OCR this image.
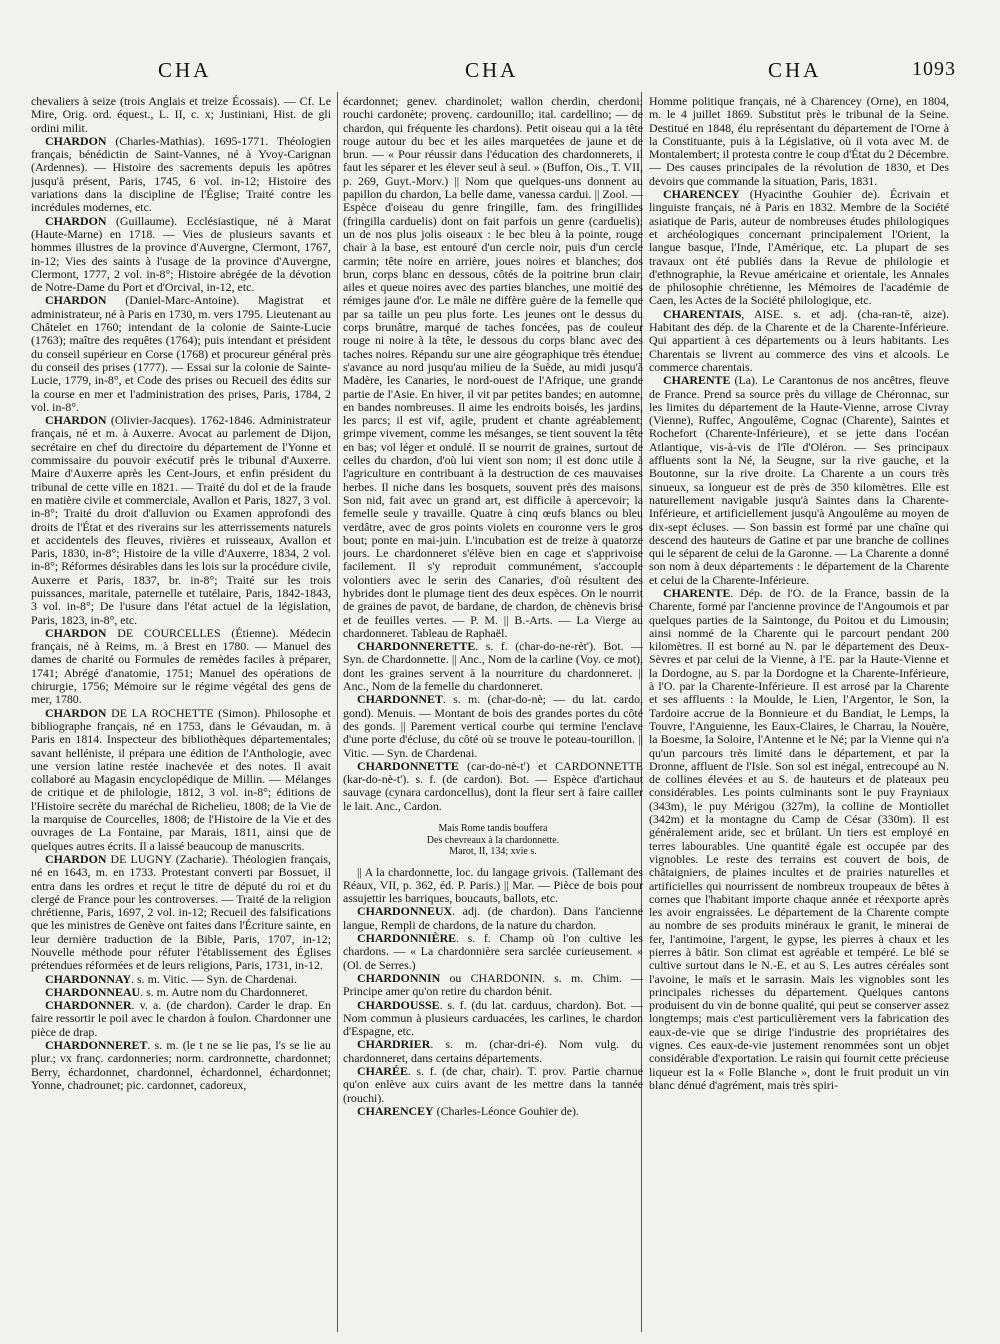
CHA	CHA	CHA	1093

chevaliers à seize (trois Anglais et treize Écossais). — Cf. Le Mire, Orig. ord. équest., L. II, c. x; Justiniani, Hist. de gli ordini milit.

CHARDON (Charles-Mathias). 1695-1771. Théologien français, bénédictin de Saint-Vannes, né à Yvoy-Carignan (Ardennes). — Histoire des sacrements depuis les apôtres jusqu'à présent, Paris, 1745, 6 vol. in-12; Histoire des variations dans la discipline de l'Église; Traité contre les incrédules modernes, etc.

CHARDON (Guillaume). Ecclésiastique, né à Marat (Haute-Marne) en 1718. — Vies de plusieurs savants et hommes illustres de la province d'Auvergne, Clermont, 1767, in-12; Vies des saints à l'usage de la province d'Auvergne, Clermont, 1777, 2 vol. in-8°; Histoire abrégée de la dévotion de Notre-Dame du Port et d'Orcival, in-12, etc.

CHARDON (Daniel-Marc-Antoine). Magistrat et administrateur, né à Paris en 1730, m. vers 1795. Lieutenant au Châtelet en 1760; intendant de la colonie de Sainte-Lucie (1763); maître des requêtes (1764); puis intendant et président du conseil supérieur en Corse (1768) et procureur général près du conseil des prises (1777). — Essai sur la colonie de Sainte-Lucie, 1779, in-8°, et Code des prises ou Recueil des édits sur la course en mer et l'administration des prises, Paris, 1784, 2 vol. in-8°.

CHARDON (Olivier-Jacques). 1762-1846. Administrateur français, né et m. à Auxerre. Avocat au parlement de Dijon, secrétaire en chef du directoire du département de l'Yonne et commissaire du pouvoir exécutif près le tribunal d'Auxerre. Maire d'Auxerre après les Cent-Jours, et enfin président du tribunal de cette ville en 1821. — Traité du dol et de la fraude en matière civile et commerciale, Avallon et Paris, 1827, 3 vol. in-8°; Traité du droit d'alluvion ou Examen approfondi des droits de l'État et des riverains sur les atterrissements naturels et accidentels des fleuves, rivières et ruisseaux, Avallon et Paris, 1830, in-8°; Histoire de la ville d'Auxerre, 1834, 2 vol. in-8°; Réformes désirables dans les lois sur la procédure civile, Auxerre et Paris, 1837, br. in-8°; Traité sur les trois puissances, maritale, paternelle et tutélaire, Paris, 1842-1843, 3 vol. in-8°; De l'usure dans l'état actuel de la législation, Paris, 1823, in-8°, etc.

CHARDON DE COURCELLES (Étienne). Médecin français, né à Reims, m. à Brest en 1780. — Manuel des dames de charité ou Formules de remèdes faciles à préparer, 1741; Abrégé d'anatomie, 1751; Manuel des opérations de chirurgie, 1756; Mémoire sur le régime végétal des gens de mer, 1780.

CHARDON DE LA ROCHETTE (Simon). Philosophe et bibliographe français, né en 1753, dans le Gévaudan, m. à Paris en 1814. Inspecteur des bibliothèques départementales; savant helléniste, il prépara une édition de l'Anthologie, avec une version latine restée inachevée et des notes. Il avait collaboré au Magasin encyclopédique de Millin. — Mélanges de critique et de philologie, 1812, 3 vol. in-8°; éditions de l'Histoire secrète du maréchal de Richelieu, 1808; de la Vie de la marquise de Courcelles, 1808; de l'Histoire de la Vie et des ouvrages de La Fontaine, par Marais, 1811, ainsi que de quelques autres écrits. Il a laissé beaucoup de manuscrits.

CHARDON DE LUGNY (Zacharie). Théologien français, né en 1643, m. en 1733. Protestant converti par Bossuet, il entra dans les ordres et reçut le titre de député du roi et du clergé de France pour les controverses. — Traité de la religion chrétienne, Paris, 1697, 2 vol. in-12; Recueil des falsifications que les ministres de Genève ont faites dans l'Écriture sainte, en leur dernière traduction de la Bible, Paris, 1707, in-12; Nouvelle méthode pour réfuter l'établissement des Églises prétendues réformées et de leurs religions, Paris, 1731, in-12.

CHARDONNAY. s. m. Vitic. — Syn. de Chardenai.

CHARDONNEAU. s. m. Autre nom du Chardonneret.

CHARDONNER. v. a. (de chardon). Carder le drap. En faire ressortir le poil avec le chardon à foulon. Chardonner une pièce de drap.

CHARDONNERET. s. m. (le t ne se lie pas, l's se lie au plur.; vx franç. cardonneries; norm. cardronnette, chardonnet; Berry, échardonnet, chardonnel, échardonnel, échardonnet; Yonne, chadrounet; pic. cardonnet, cadoreux,

écardonnet; genev. chardinolet; wallon cherdin, cherdoni; rouchi cardonète; provenç. cardounillo; ital. cardellino; — de chardon, qui fréquente les chardons). Petit oiseau qui a la tête rouge autour du bec et les ailes marquetées de jaune et de brun. — « Pour réussir dans l'éducation des chardonnerets, il faut les séparer et les élever seul à seul. » (Buffon, Ois., T. VII, p. 269, Guyt.-Morv.) || Nom que quelques-uns donnent au papillon du chardon, La belle dame, vanessa cardui. || Zool. — Espèce d'oiseau du genre fringille, fam. des fringillides (fringilla carduelis) dont on fait parfois un genre (carduelis); un de nos plus jolis oiseaux : le bec bleu à la pointe, rouge chair à la base, est entouré d'un cercle noir, puis d'un cercle carmin; tête noire en arrière, joues noires et blanches; dos brun, corps blanc en dessous, côtés de la poitrine brun clair, ailes et queue noires avec des parties blanches, une moitié des rémiges jaune d'or. Le mâle ne diffère guère de la femelle que par sa taille un peu plus forte. Les jeunes ont le dessus du corps brunâtre, marqué de taches foncées, pas de couleur rouge ni noire à la tête, le dessous du corps blanc avec des taches noires. Répandu sur une aire géographique très étendue; s'avance au nord jusqu'au milieu de la Suède, au midi jusqu'à Madère, les Canaries, le nord-ouest de l'Afrique, une grande partie de l'Asie. En hiver, il vit par petites bandes; en automne, en bandes nombreuses. Il aime les endroits boisés, les jardins, les parcs; il est vif, agile, prudent et chante agréablement; grimpe vivement, comme les mésanges, se tient souvent la tête en bas; vol léger et ondulé. Il se nourrit de graines, surtout de celles du chardon, d'où lui vient son nom; il est donc utile à l'agriculture en contribuant à la destruction de ces mauvaises herbes. Il niche dans les bosquets, souvent près des maisons. Son nid, fait avec un grand art, est difficile à apercevoir; la femelle seule y travaille. Quatre à cinq œufs blancs ou bleu verdâtre, avec de gros points violets en couronne vers le gros bout; ponte en mai-juin. L'incubation est de treize à quatorze jours. Le chardonneret s'élève bien en cage et s'apprivoise facilement. Il s'y reproduit communément, s'accouple volontiers avec le serin des Canaries, d'où résultent des hybrides dont le plumage tient des deux espèces. On le nourrit de graines de pavot, de bardane, de chardon, de chènevis brisé et de feuilles vertes. — P. M. || B.-Arts. — La Vierge au chardonneret. Tableau de Raphaël.

CHARDONNERETTE. s. f. (char-do-ne-rèt'). Bot. — Syn. de Chardonnette. || Anc., Nom de la carline (Voy. ce mot), dont les graines servent à la nourriture du chardonneret. || Anc., Nom de la femelle du chardonneret.

CHARDONNET. s. m. (char-do-nè; — du lat. cardo, gond). Menuis. — Montant de bois des grandes portes du côté des gonds. || Parement vertical courbe qui termine l'enclave d'une porte d'écluse, du côté où se trouve le poteau-tourillon. || Vitic. — Syn. de Chardenai.

CHARDONNETTE (car-do-nè-t') et CARDONNETTE (kar-do-nè-t'). s. f. (de cardon). Bot. — Espèce d'artichaut sauvage (cynara cardoncellus), dont la fleur sert à faire cailler le lait. Anc., Cardon.

Mais Rome tandis bouffera
Des chevreaux à la chardonnette.
Marot, II, 134; xvie s.

|| A la chardonnette, loc. du langage grivois. (Tallemant des Réaux, VII, p. 362, éd. P. Paris.) || Mar. — Pièce de bois pour assujettir les barriques, boucauts, ballots, etc.

CHARDONNEUX. adj. (de chardon). Dans l'ancienne langue, Rempli de chardons, de la nature du chardon.

CHARDONNIÈRE. s. f. Champ où l'on cultive les chardons. — « La chardonnière sera sarclée curieusement. » (Ol. de Serres.)

CHARDONNIN ou CHARDONIN. s. m. Chim. — Principe amer qu'on retire du chardon bénit.

CHARDOUSSE. s. f. (du lat. carduus, chardon). Bot. — Nom commun à plusieurs carduacées, les carlines, le chardon d'Espagne, etc.

CHARDRIER. s. m. (char-dri-é). Nom vulg. du chardonneret, dans certains départements.

CHARÉE. s. f. (de char, chair). T. prov. Partie charnue qu'on enlève aux cuirs avant de les mettre dans la tannée (rouchi).

CHARENCEY (Charles-Léonce Gouhier de).

Homme politique français, né à Charencey (Orne), en 1804, m. le 4 juillet 1869. Substitut près le tribunal de la Seine. Destitué en 1848, élu représentant du département de l'Orne à la Constituante, puis à la Législative, où il vota avec M. de Montalembert; il protesta contre le coup d'État du 2 Décembre. — Des causes principales de la révolution de 1830, et Des devoirs que commande la situation, Paris, 1831.

CHARENCEY (Hyacinthe Gouhier de). Écrivain et linguiste français, né à Paris en 1832. Membre de la Société asiatique de Paris, auteur de nombreuses études philologiques et archéologiques concernant principalement l'Orient, la langue basque, l'Inde, l'Amérique, etc. La plupart de ses travaux ont été publiés dans la Revue de philologie et d'ethnographie, la Revue américaine et orientale, les Annales de philosophie chrétienne, les Mémoires de l'académie de Caen, les Actes de la Société philologique, etc.

CHARENTAIS, AISE. s. et adj. (cha-ran-tè, aize). Habitant des dép. de la Charente et de la Charente-Inférieure. Qui appartient à ces départements ou à leurs habitants. Les Charentais se livrent au commerce des vins et alcools. Le commerce charentais.

CHARENTE (La). Le Carantonus de nos ancêtres, fleuve de France. Prend sa source près du village de Chéronnac, sur les limites du département de la Haute-Vienne, arrose Civray (Vienne), Ruffec, Angoulême, Cognac (Charente), Saintes et Rochefort (Charente-Inférieure), et se jette dans l'océan Atlantique, vis-à-vis de l'île d'Oléron. — Ses principaux affluents sont la Né, la Seugne, sur la rive gauche, et la Boutonne, sur la rive droite. La Charente a un cours très sinueux, sa longueur est de près de 350 kilomètres. Elle est naturellement navigable jusqu'à Saintes dans la Charente-Inférieure, et artificiellement jusqu'à Angoulême au moyen de dix-sept écluses. — Son bassin est formé par une chaîne qui descend des hauteurs de Gatine et par une branche de collines qui le séparent de celui de la Garonne. — La Charente a donné son nom à deux départements : le département de la Charente et celui de la Charente-Inférieure.

CHARENTE. Dép. de l'O. de la France, bassin de la Charente, formé par l'ancienne province de l'Angoumois et par quelques parties de la Saintonge, du Poitou et du Limousin; ainsi nommé de la Charente qui le parcourt pendant 200 kilomètres. Il est borné au N. par le département des Deux-Sèvres et par celui de la Vienne, à l'E. par la Haute-Vienne et la Dordogne, au S. par la Dordogne et la Charente-Inférieure, à l'O. par la Charente-Inférieure. Il est arrosé par la Charente et ses affluents : la Moulde, le Lien, l'Argentor, le Son, la Tardoire accrue de la Bonnieure et du Bandiat, le Lemps, la Touvre, l'Anguienne, les Eaux-Claires, le Charrau, la Nouère, la Boesme, la Soloire, l'Antenne et le Né; par la Vienne qui n'a qu'un parcours très limité dans le département, et par la Dronne, affluent de l'Isle. Son sol est inégal, entrecoupé au N. de collines élevées et au S. de hauteurs et de plateaux peu considérables. Les points culminants sont le puy Frayniaux (343m), le puy Mérigou (327m), la colline de Montiollet (342m) et la montagne du Camp de César (330m). Il est généralement aride, sec et brûlant. Un tiers est employé en terres labourables. Une quantité égale est occupée par des vignobles. Le reste des terrains est couvert de bois, de châtaigniers, de plaines incultes et de prairies naturelles et artificielles qui nourrissent de nombreux troupeaux de bêtes à cornes que l'habitant importe chaque année et réexporte après les avoir engraissées. Le département de la Charente compte au nombre de ses produits minéraux le granit, le minerai de fer, l'antimoine, l'argent, le gypse, les pierres à chaux et les pierres à bâtir. Son climat est agréable et tempéré. Le blé se cultive surtout dans le N.-E. et au S. Les autres céréales sont l'avoine, le maïs et le sarrasin. Mais les vignobles sont les principales richesses du département. Quelques cantons produisent du vin de bonne qualité, qui peut se conserver assez longtemps; mais c'est particulièrement vers la fabrication des eaux-de-vie que se dirige l'industrie des propriétaires des vignes. Ces eaux-de-vie justement renommées sont un objet considérable d'exportation. Le raisin qui fournit cette précieuse liqueur est la « Folle Blanche », dont le fruit produit un vin blanc dénué d'agrément, mais très spiri-
